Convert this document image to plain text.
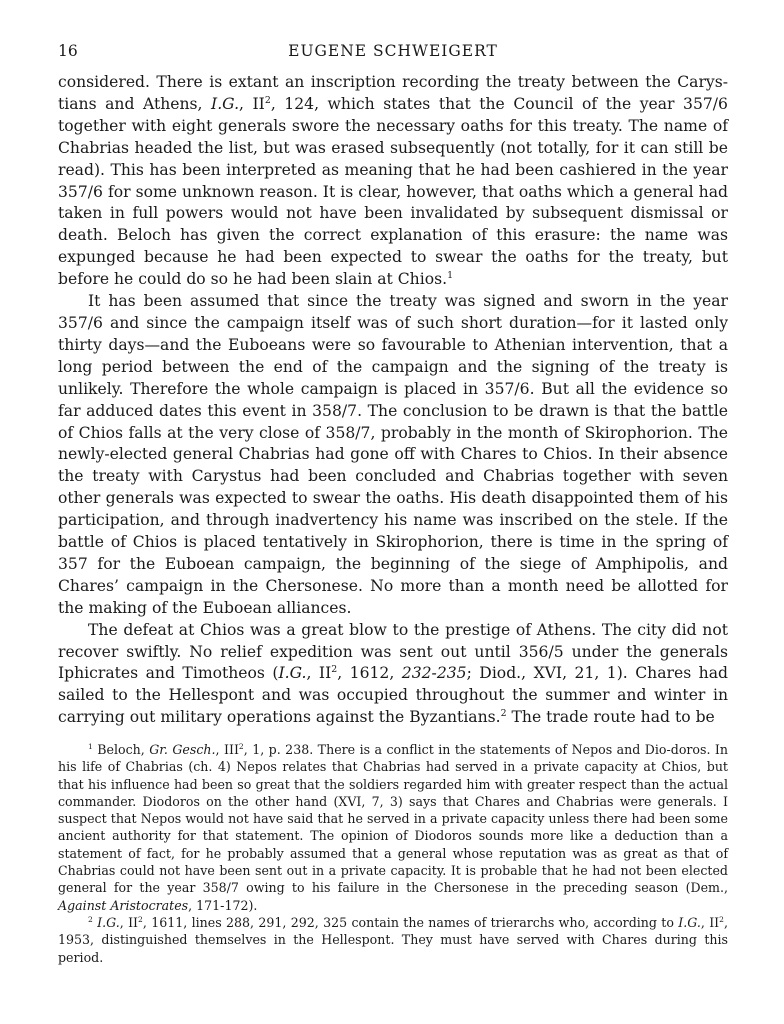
16	EUGENE SCHWEIGERT

considered. There is extant an inscription recording the treaty between the Carys-tians and Athens, I.G., $II^2$, 124, which states that the Council of the year 357/6 together with eight generals swore the necessary oaths for this treaty. The name of Chabrias headed the list, but was erased subsequently (not totally, for it can still be read). This has been interpreted as meaning that he had been cashiered in the year 357/6 for some unknown reason. It is clear, however, that oaths which a general had taken in full powers would not have been invalidated by subsequent dismissal or death. Beloch has given the correct explanation of this erasure: the name was expunged because he had been expected to swear the oaths for the treaty, but before he could do so he had been slain at Chios.$^1$

It has been assumed that since the treaty was signed and sworn in the year 357/6 and since the campaign itself was of such short duration—for it lasted only thirty days—and the Euboeans were so favourable to Athenian intervention, that a long period between the end of the campaign and the signing of the treaty is unlikely. Therefore the whole campaign is placed in 357/6. But all the evidence so far adduced dates this event in 358/7. The conclusion to be drawn is that the battle of Chios falls at the very close of 358/7, probably in the month of Skirophorion. The newly-elected general Chabrias had gone off with Chares to Chios. In their absence the treaty with Carystus had been concluded and Chabrias together with seven other generals was expected to swear the oaths. His death disappointed them of his participation, and through inadvertency his name was inscribed on the stele. If the battle of Chios is placed tentatively in Skirophorion, there is time in the spring of 357 for the Euboean campaign, the beginning of the siege of Amphipolis, and Chares’ campaign in the Chersonese. No more than a month need be allotted for the making of the Euboean alliances.

The defeat at Chios was a great blow to the prestige of Athens. The city did not recover swiftly. No relief expedition was sent out until 356/5 under the generals Iphicrates and Timotheos (I.G., $II^2$, 1612, 232-235; Diod., XVI, 21, 1). Chares had sailed to the Hellespont and was occupied throughout the summer and winter in carrying out military operations against the Byzantians.$^2$ The trade route had to be

$^1$ Beloch, Gr. Gesch., III$^2$, 1, p. 238. There is a conflict in the statements of Nepos and Dio-doros. In his life of Chabrias (ch. 4) Nepos relates that Chabrias had served in a private capacity at Chios, but that his influence had been so great that the soldiers regarded him with greater respect than the actual commander. Diodoros on the other hand (XVI, 7, 3) says that Chares and Chabrias were generals. I suspect that Nepos would not have said that he served in a private capacity unless there had been some ancient authority for that statement. The opinion of Diodoros sounds more like a deduction than a statement of fact, for he probably assumed that a general whose reputation was as great as that of Chabrias could not have been sent out in a private capacity. It is probable that he had not been elected general for the year 358/7 owing to his failure in the Chersonese in the preceding season (Dem., Against Aristocrates, 171-172).

$^2$ I.G., $II^2$, 1611, lines 288, 291, 292, 325 contain the names of trierarchs who, according to I.G., $II^2$, 1953, distinguished themselves in the Hellespont. They must have served with Chares during this period.
